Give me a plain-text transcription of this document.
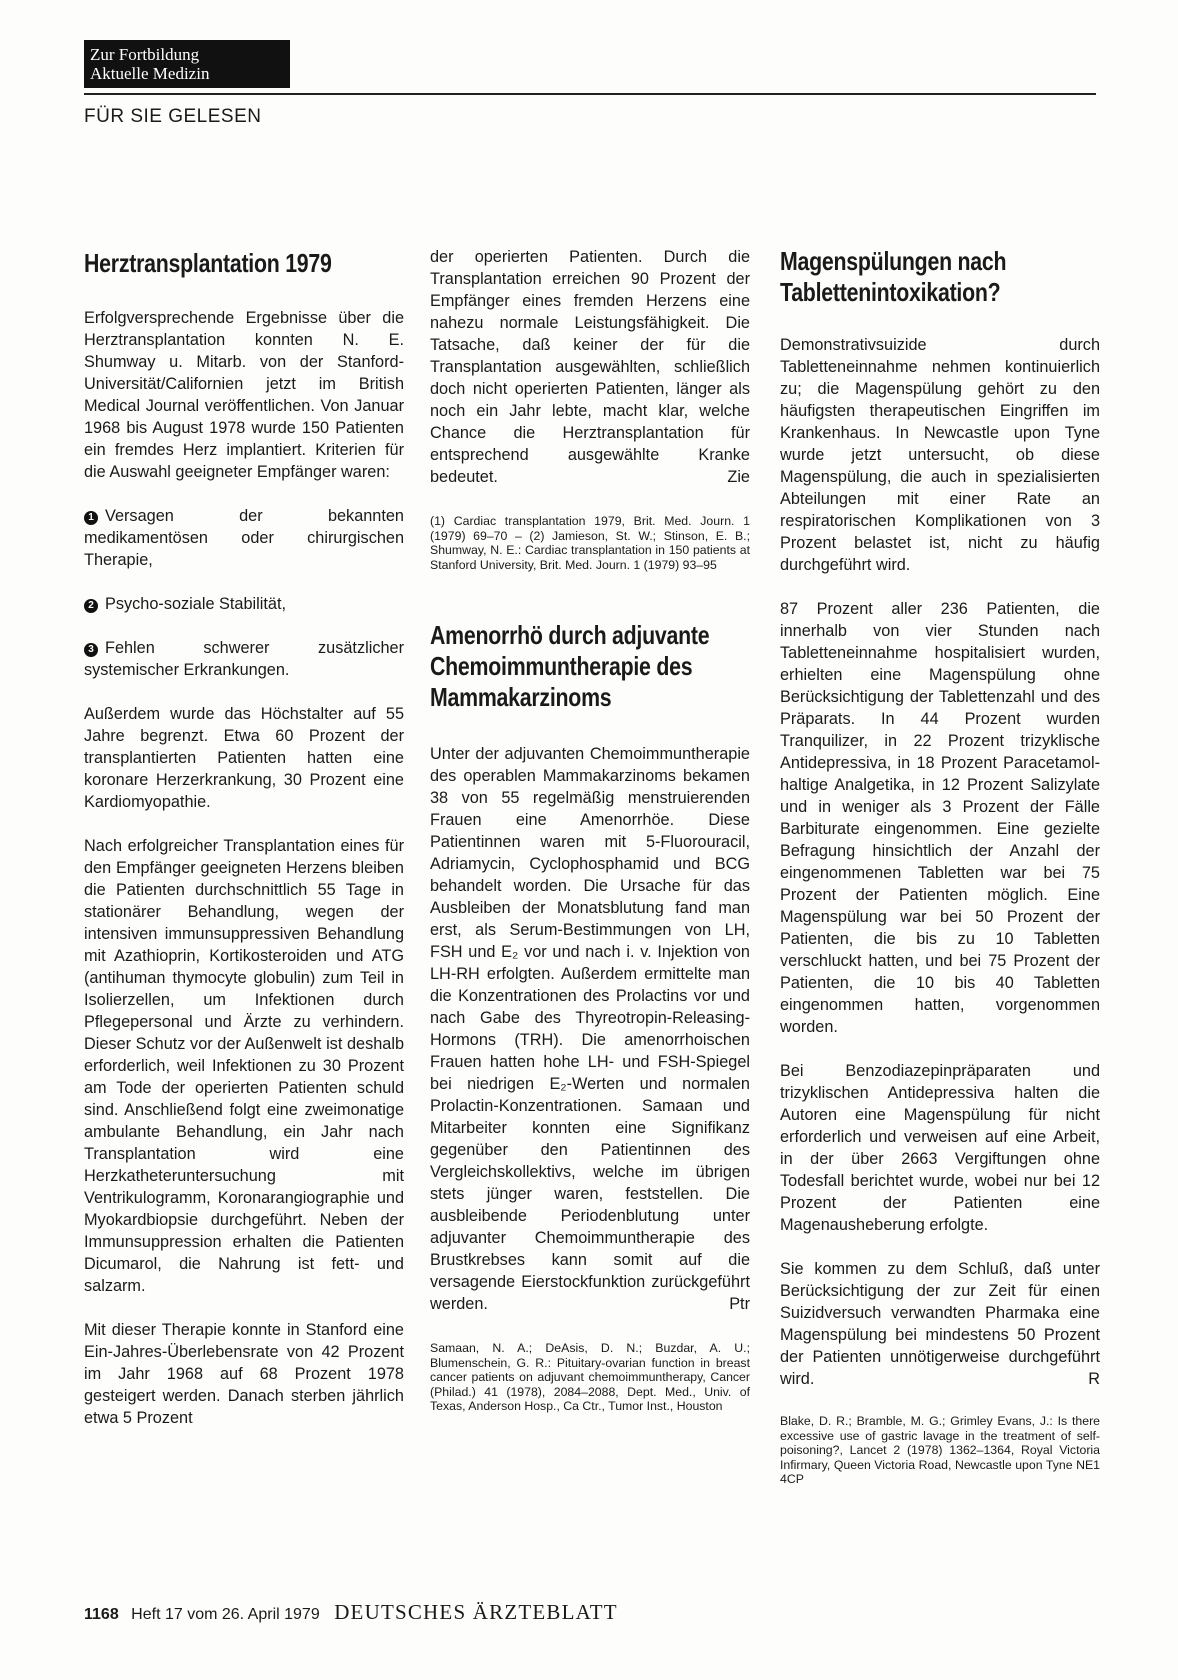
Zur Fortbildung
Aktuelle Medizin
FÜR SIE GELESEN
Herztransplantation 1979

Erfolgversprechende Ergebnisse über die Herztransplantation konnten N. E. Shumway u. Mitarb. von der Stanford-Universität/Californien jetzt im British Medical Journal veröffentlichen. Von Januar 1968 bis August 1978 wurde 150 Patienten ein fremdes Herz implantiert. Kriterien für die Auswahl geeigneter Empfänger waren:

1 Versagen der bekannten medikamentösen oder chirurgischen Therapie,

2 Psycho-soziale Stabilität,

3 Fehlen schwerer zusätzlicher systemischer Erkrankungen.

Außerdem wurde das Höchstalter auf 55 Jahre begrenzt. Etwa 60 Prozent der transplantierten Patienten hatten eine koronare Herzerkrankung, 30 Prozent eine Kardiomyopathie.

Nach erfolgreicher Transplantation eines für den Empfänger geeigneten Herzens bleiben die Patienten durchschnittlich 55 Tage in stationärer Behandlung, wegen der intensiven immunsuppressiven Behandlung mit Azathioprin, Kortikosteroiden und ATG (antihuman thymocyte globulin) zum Teil in Isolierzellen, um Infektionen durch Pflegepersonal und Ärzte zu verhindern. Dieser Schutz vor der Außenwelt ist deshalb erforderlich, weil Infektionen zu 30 Prozent am Tode der operierten Patienten schuld sind. Anschließend folgt eine zweimonatige ambulante Behandlung, ein Jahr nach Transplantation wird eine Herzkatheteruntersuchung mit Ventrikulogramm, Koronarangiographie und Myokardbiopsie durchgeführt. Neben der Immunsuppression erhalten die Patienten Dicumarol, die Nahrung ist fett- und salzarm.

Mit dieser Therapie konnte in Stanford eine Ein-Jahres-Überlebensrate von 42 Prozent im Jahr 1968 auf 68 Prozent 1978 gesteigert werden. Danach sterben jährlich etwa 5 Prozent

der operierten Patienten. Durch die Transplantation erreichen 90 Prozent der Empfänger eines fremden Herzens eine nahezu normale Leistungsfähigkeit. Die Tatsache, daß keiner der für die Transplantation ausgewählten, schließlich doch nicht operierten Patienten, länger als noch ein Jahr lebte, macht klar, welche Chance die Herztransplantation für entsprechend ausgewählte Kranke bedeutet.	Zie

(1) Cardiac transplantation 1979, Brit. Med. Journ. 1 (1979) 69–70 – (2) Jamieson, St. W.; Stinson, E. B.; Shumway, N. E.: Cardiac transplantation in 150 patients at Stanford University, Brit. Med. Journ. 1 (1979) 93–95

Amenorrhö durch adjuvante Chemoimmuntherapie des Mammakarzinoms

Unter der adjuvanten Chemoimmuntherapie des operablen Mammakarzinoms bekamen 38 von 55 regelmäßig menstruierenden Frauen eine Amenorrhöe. Diese Patientinnen waren mit 5-Fluorouracil, Adriamycin, Cyclophosphamid und BCG behandelt worden. Die Ursache für das Ausbleiben der Monatsblutung fand man erst, als Serum-Bestimmungen von LH, FSH und E₂ vor und nach i. v. Injektion von LH-RH erfolgten. Außerdem ermittelte man die Konzentrationen des Prolactins vor und nach Gabe des Thyreotropin-Releasing-Hormons (TRH). Die amenorrhoischen Frauen hatten hohe LH- und FSH-Spiegel bei niedrigen E₂-Werten und normalen Prolactin-Konzentrationen. Samaan und Mitarbeiter konnten eine Signifikanz gegenüber den Patientinnen des Vergleichskollektivs, welche im übrigen stets jünger waren, feststellen. Die ausbleibende Periodenblutung unter adjuvanter Chemoimmuntherapie des Brustkrebses kann somit auf die versagende Eierstockfunktion zurückgeführt werden.	Ptr

Samaan, N. A.; DeAsis, D. N.; Buzdar, A. U.; Blumenschein, G. R.: Pituitary-ovarian function in breast cancer patients on adjuvant chemoimmuntherapy, Cancer (Philad.) 41 (1978), 2084–2088, Dept. Med., Univ. of Texas, Anderson Hosp., Ca Ctr., Tumor Inst., Houston

Magenspülungen nach Tablettenintoxikation?

Demonstrativsuizide durch Tabletteneinnahme nehmen kontinuierlich zu; die Magenspülung gehört zu den häufigsten therapeutischen Eingriffen im Krankenhaus. In Newcastle upon Tyne wurde jetzt untersucht, ob diese Magenspülung, die auch in spezialisierten Abteilungen mit einer Rate an respiratorischen Komplikationen von 3 Prozent belastet ist, nicht zu häufig durchgeführt wird.

87 Prozent aller 236 Patienten, die innerhalb von vier Stunden nach Tabletteneinnahme hospitalisiert wurden, erhielten eine Magenspülung ohne Berücksichtigung der Tablettenzahl und des Präparats. In 44 Prozent wurden Tranquilizer, in 22 Prozent trizyklische Antidepressiva, in 18 Prozent Paracetamol-haltige Analgetika, in 12 Prozent Salizylate und in weniger als 3 Prozent der Fälle Barbiturate eingenommen. Eine gezielte Befragung hinsichtlich der Anzahl der eingenommenen Tabletten war bei 75 Prozent der Patienten möglich. Eine Magenspülung war bei 50 Prozent der Patienten, die bis zu 10 Tabletten verschluckt hatten, und bei 75 Prozent der Patienten, die 10 bis 40 Tabletten eingenommen hatten, vorgenommen worden.

Bei Benzodiazepinpräparaten und trizyklischen Antidepressiva halten die Autoren eine Magenspülung für nicht erforderlich und verweisen auf eine Arbeit, in der über 2663 Vergiftungen ohne Todesfall berichtet wurde, wobei nur bei 12 Prozent der Patienten eine Magenausheberung erfolgte.

Sie kommen zu dem Schluß, daß unter Berücksichtigung der zur Zeit für einen Suizidversuch verwandten Pharmaka eine Magenspülung bei mindestens 50 Prozent der Patienten unnötigerweise durchgeführt wird.	R

Blake, D. R.; Bramble, M. G.; Grimley Evans, J.: Is there excessive use of gastric lavage in the treatment of self-poisoning?, Lancet 2 (1978) 1362–1364, Royal Victoria Infirmary, Queen Victoria Road, Newcastle upon Tyne NE1 4CP

1168 Heft 17 vom 26. April 1979 DEUTSCHES ÄRZTEBLATT
